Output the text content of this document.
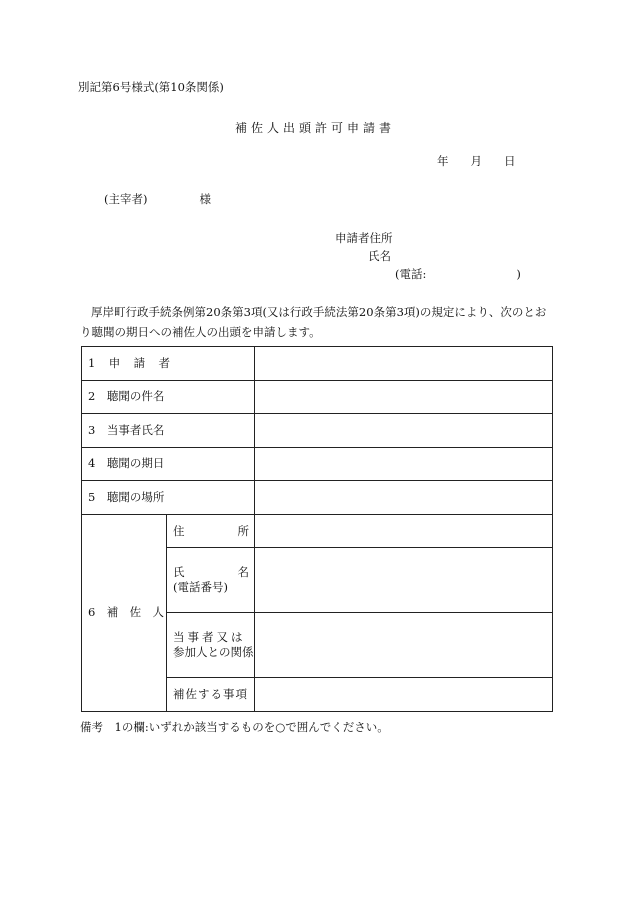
別記第6号様式(第10条関係)
補佐人出頭許可申請書
年 月 日
(主宰者)	様
申請者住所
氏名
(電話:	)
厚岸町行政手続条例第20条第3項(又は行政手続法第20条第3項)の規定により、次のとおり聴聞の期日への補佐人の出頭を申請します。
1 申 請 者		

2　 聴聞の件名		
3　 当事者氏名		
4　 聴聞の期日		
5　 聴聞の場所		

6 補 佐 人	住 所	

	氏 名
(電話番号)	

	当事者又は
参加人との関係	

	補佐する事項	
備考　1の欄:いずれか該当するものを○で囲んでください。
